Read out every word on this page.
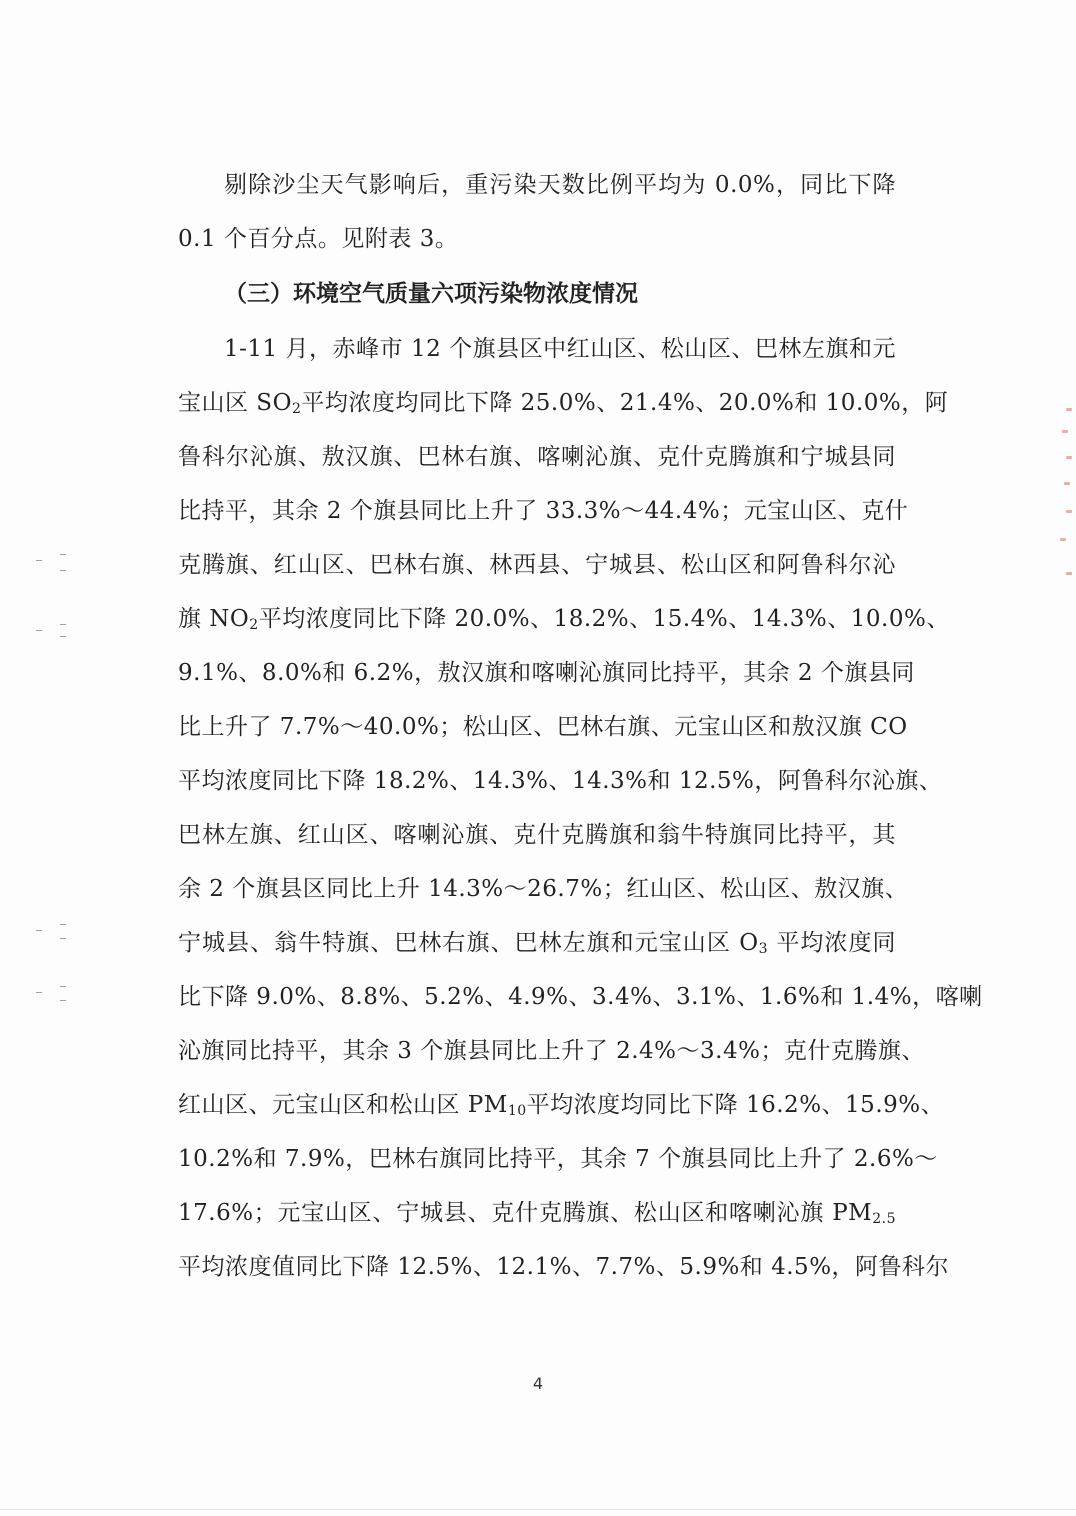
剔除沙尘天气影响后，重污染天数比例平均为 0.0%，同比下降
0.1 个百分点。见附表 3。
（三）环境空气质量六项污染物浓度情况
1-11 月，赤峰市 12 个旗县区中红山区、松山区、巴林左旗和元
宝山区 $SO_2$平均浓度均同比下降 25.0%、21.4%、20.0%和 10.0%，阿
鲁科尔沁旗、敖汉旗、巴林右旗、喀喇沁旗、克什克腾旗和宁城县同
比持平，其余 2 个旗县同比上升了 33.3%～44.4%；元宝山区、克什
克腾旗、红山区、巴林右旗、林西县、宁城县、松山区和阿鲁科尔沁
旗 $NO_2$平均浓度同比下降 20.0%、18.2%、15.4%、14.3%、10.0%、
9.1%、8.0%和 6.2%，敖汉旗和喀喇沁旗同比持平，其余 2 个旗县同
比上升了 7.7%～40.0%；松山区、巴林右旗、元宝山区和敖汉旗 CO
平均浓度同比下降 18.2%、14.3%、14.3%和 12.5%，阿鲁科尔沁旗、
巴林左旗、红山区、喀喇沁旗、克什克腾旗和翁牛特旗同比持平，其
余 2 个旗县区同比上升 14.3%～26.7%；红山区、松山区、敖汉旗、
宁城县、翁牛特旗、巴林右旗、巴林左旗和元宝山区 $O_3$ 平均浓度同
比下降 9.0%、8.8%、5.2%、4.9%、3.4%、3.1%、1.6%和 1.4%，喀喇
沁旗同比持平，其余 3 个旗县同比上升了 2.4%～3.4%；克什克腾旗、
红山区、元宝山区和松山区 $PM_{10}$平均浓度均同比下降 16.2%、15.9%、
10.2%和 7.9%，巴林右旗同比持平，其余 7 个旗县同比上升了 2.6%～
17.6%；元宝山区、宁城县、克什克腾旗、松山区和喀喇沁旗 $PM_{2.5}$
平均浓度值同比下降 12.5%、12.1%、7.7%、5.9%和 4.5%，阿鲁科尔
4
